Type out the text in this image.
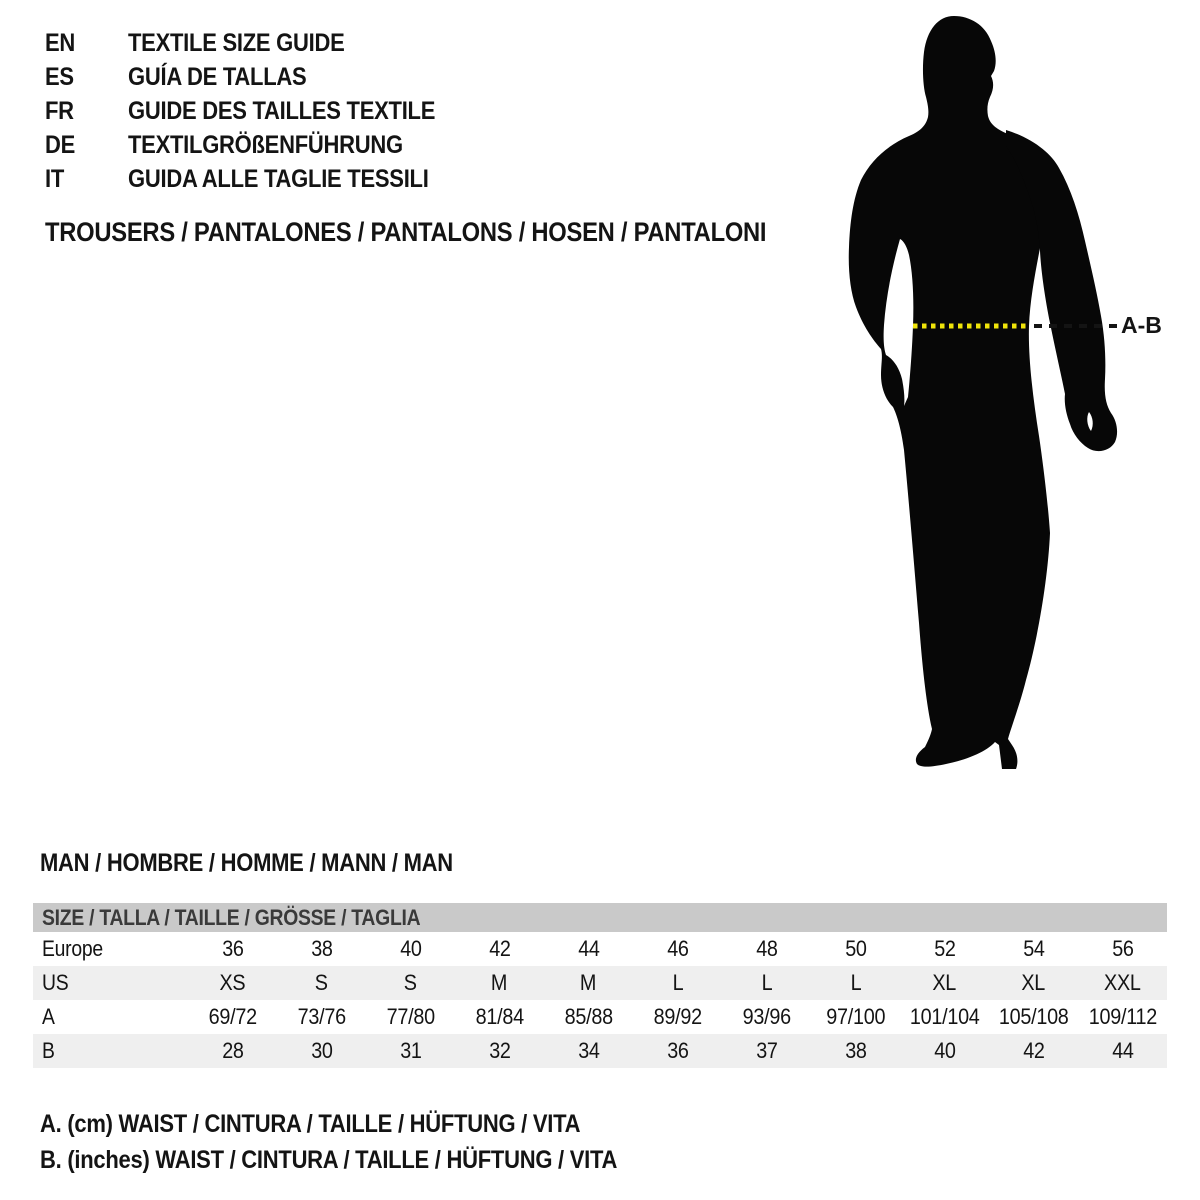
EN TEXTILE SIZE GUIDE
ES GUÍA DE TALLAS
FR GUIDE DES TAILLES TEXTILE
DE TEXTILGRÖßENFÜHRUNG
IT	GUIDA ALLE TAGLIE TESSILI
TROUSERS / PANTALONES / PANTALONS / HOSEN / PANTALONI
A-B
MAN / HOMBRE / HOMME / MANN / MAN
SIZE / TALLA / TAILLE / GRÖSSE / TAGLIA
Europe	36	38	40	42	44	46	48	50	52	54	56
US	XS	S	S	M	M	L	L	L	XL	XL	XXL
A	69/72	73/76	77/80	81/84	85/88	89/92	93/96	97/100	101/104 105/108 109/112
B	28	30	31	32	34	36	37	38	40	42	44
A. (cm) WAIST / CINTURA / TAILLE / HÜFTUNG / VITA
B. (inches) WAIST / CINTURA / TAILLE / HÜFTUNG / VITA
